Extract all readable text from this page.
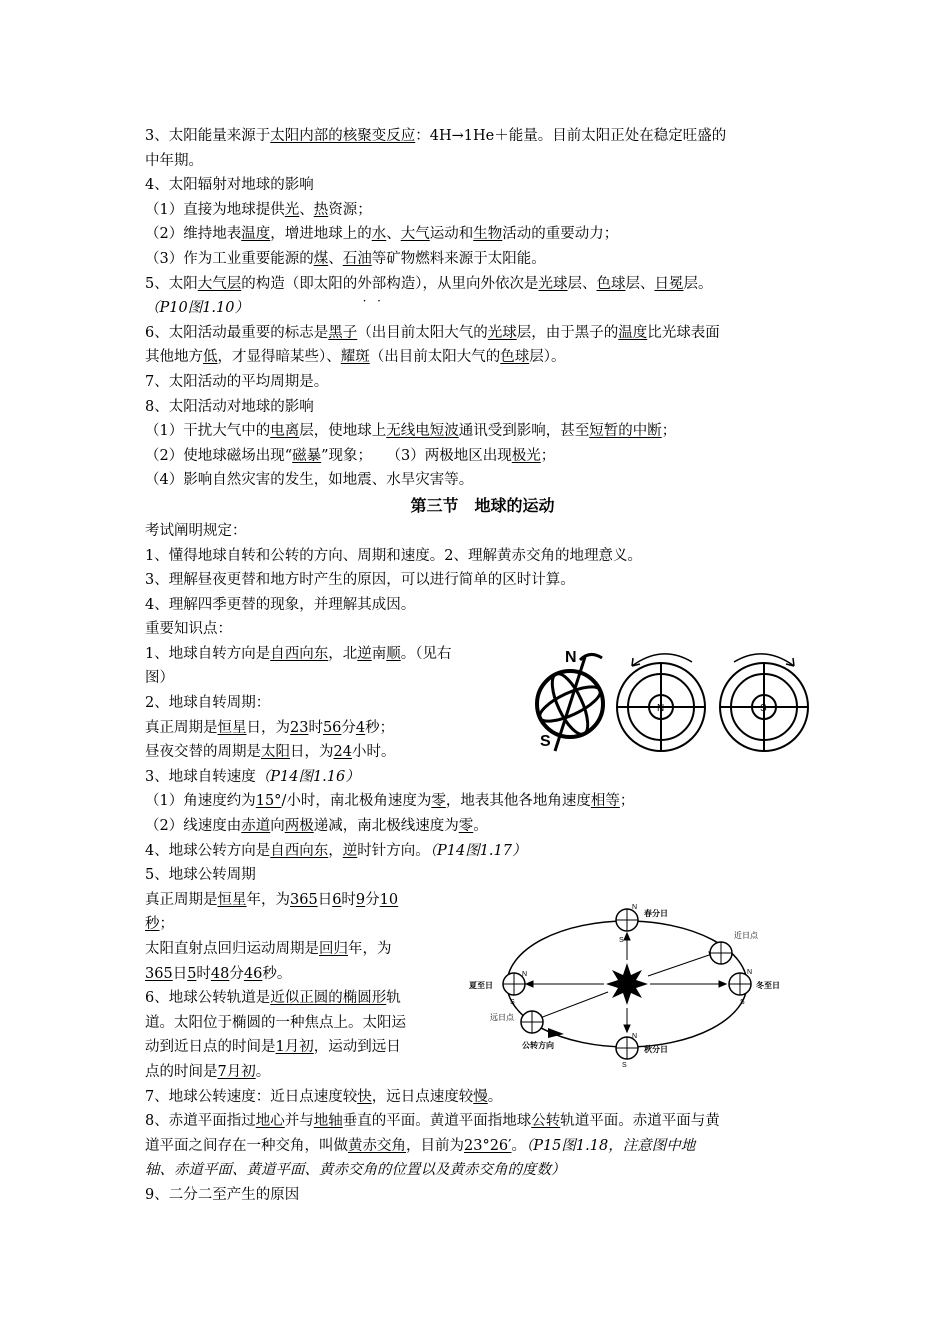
3、太阳能量来源于太阳内部的核聚变反应：4H→1He＋能量。目前太阳正处在稳定旺盛的
中年期。
4、太阳辐射对地球的影响
（1）直接为地球提供光、热资源；
（2）维持地表温度，增进地球上的水、大气运动和生物活动的重要动力；
（3）作为工业重要能源的煤、石油等矿物燃料来源于太阳能。
5、太阳大气层的构造（即太阳的外部构造），从里向外依次是光球层、色球层、日冕层。
（P10图1.10）
6、太阳活动最重要的标志是黑子（出目前太阳大气的光球层，由于黑子的温度比光球表面
其他地方低，才显得暗某些）、耀斑（出目前太阳大气的色球层）。
7、太阳活动的平均周期是。
8、太阳活动对地球的影响
（1）干扰大气中的电离层，使地球上无线电短波通讯受到影响，甚至短暂的中断；
（2）使地球磁场出现“磁暴”现象；　　（3）两极地区出现极光；
（4）影响自然灾害的发生，如地震、水旱灾害等。
第三节　地球的运动
考试阐明规定：
1、懂得地球自转和公转的方向、周期和速度。2、理解黄赤交角的地理意义。
3、理解昼夜更替和地方时产生的原因，可以进行简单的区时计算。
4、理解四季更替的现象，并理解其成因。
重要知识点：
1、地球自转方向是自西向东，北逆南顺。（见右
图）
2、地球自转周期：
真正周期是恒星日，为23时56分4秒；
昼夜交替的周期是太阳日，为24小时。
3、地球自转速度（P14图1.16）
（1）角速度约为15°/小时，南北极角速度为零，地表其他各地角速度相等；
（2）线速度由赤道向两极递减，南北极线速度为零。
4、地球公转方向是自西向东，逆时针方向。（P14图1.17）
5、地球公转周期
真正周期是恒星年，为365日6时9分10
秒；
太阳直射点回归运动周期是回归年，为
365日5时48分46秒。
6、地球公转轨道是近似正圆的椭圆形轨
道。太阳位于椭圆的一种焦点上。太阳运
动到近日点的时间是1月初，运动到远日
点的时间是7月初。
7、地球公转速度：近日点速度较快，远日点速度较慢。
8、赤道平面指过地心并与地轴垂直的平面。黄道平面指地球公转轨道平面。赤道平面与黄
道平面之间存在一种交角，叫做黄赤交角，目前为23°26′。（P15图1.18，注意图中地
轴、赤道平面、黄道平面、黄赤交角的位置以及黄赤交角的度数）
9、二分二至产生的原因
N
S
N	S
春分日
夏至日
秋分日
冬至日
近日点
远日点
公转方向
N
S
N
S
N
S
N
S
